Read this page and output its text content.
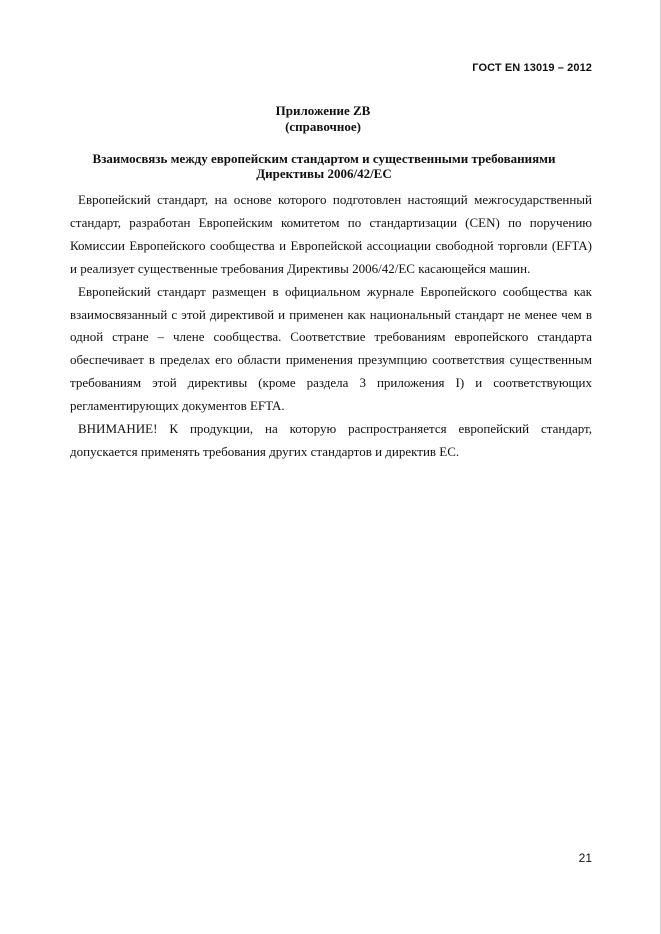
ГОСТ EN 13019 – 2012
Приложение ZB
(справочное)
Взаимосвязь между европейским стандартом и существенными требованиями
Директивы 2006/42/ЕС

Европейский стандарт, на основе которого подготовлен настоящий межгосударственный стандарт, разработан Европейским комитетом по стандартизации (CEN) по поручению Комиссии Европейского сообщества и Европейской ассоциации свободной торговли (EFTA) и реализует существенные требования Директивы 2006/42/ЕС касающейся машин.

Европейский стандарт размещен в официальном журнале Европейского сообщества как взаимосвязанный с этой директивой и применен как национальный стандарт не менее чем в одной стране – члене сообщества. Соответствие требованиям европейского стандарта обеспечивает в пределах его области применения презумпцию соответствия существенным требованиям этой директивы (кроме раздела 3 приложения I) и соответствующих регламентирующих документов EFTA.

ВНИМАНИЕ! К продукции, на которую распространяется европейский стандарт, допускается применять требования других стандартов и директив ЕС.

21
